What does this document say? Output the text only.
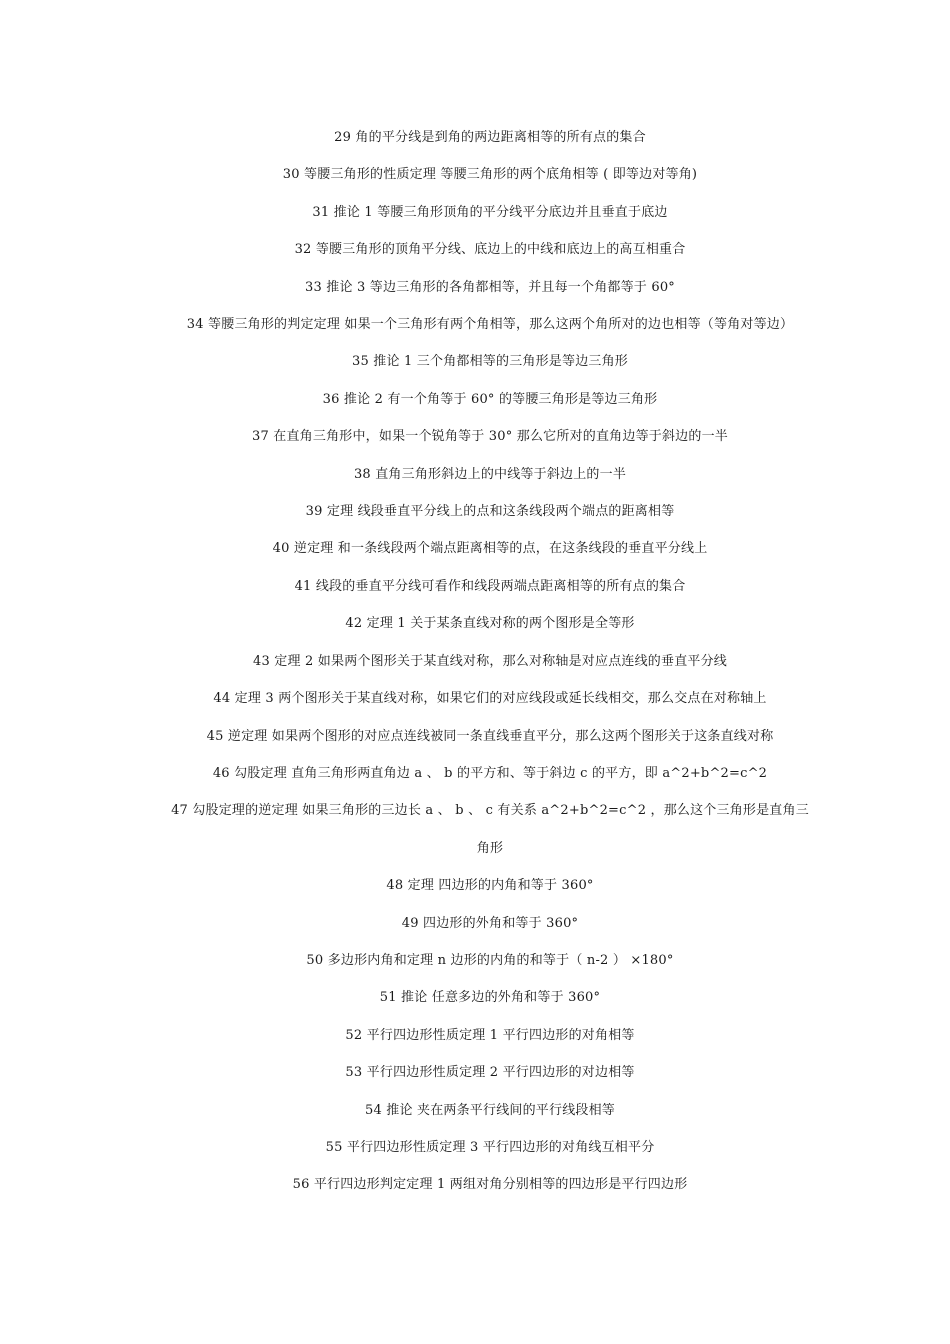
29 角的平分线是到角的两边距离相等的所有点的集合

30 等腰三角形的性质定理 等腰三角形的两个底角相等 ( 即等边对等角)

31 推论 1 等腰三角形顶角的平分线平分底边并且垂直于底边

32 等腰三角形的顶角平分线、底边上的中线和底边上的高互相重合

33 推论 3 等边三角形的各角都相等，并且每一个角都等于 60°

34 等腰三角形的判定定理 如果一个三角形有两个角相等，那么这两个角所对的边也相等（等角对等边）

35 推论 1 三个角都相等的三角形是等边三角形

36 推论 2 有一个角等于 60° 的等腰三角形是等边三角形

37 在直角三角形中，如果一个锐角等于 30° 那么它所对的直角边等于斜边的一半

38 直角三角形斜边上的中线等于斜边上的一半

39 定理 线段垂直平分线上的点和这条线段两个端点的距离相等

40 逆定理 和一条线段两个端点距离相等的点，在这条线段的垂直平分线上

41 线段的垂直平分线可看作和线段两端点距离相等的所有点的集合

42 定理 1 关于某条直线对称的两个图形是全等形

43 定理 2 如果两个图形关于某直线对称，那么对称轴是对应点连线的垂直平分线

44 定理 3 两个图形关于某直线对称，如果它们的对应线段或延长线相交，那么交点在对称轴上

45 逆定理 如果两个图形的对应点连线被同一条直线垂直平分，那么这两个图形关于这条直线对称

46 勾股定理 直角三角形两直角边 a 、 b 的平方和、等于斜边 c 的平方，即 a^2+b^2=c^2

47 勾股定理的逆定理 如果三角形的三边长 a 、 b 、 c 有关系 a^2+b^2=c^2 ，那么这个三角形是直角三角形

48 定理 四边形的内角和等于 360°

49 四边形的外角和等于 360°

50 多边形内角和定理 n 边形的内角的和等于（ n-2 ） ×180°

51 推论 任意多边的外角和等于 360°

52 平行四边形性质定理 1 平行四边形的对角相等

53 平行四边形性质定理 2 平行四边形的对边相等

54 推论 夹在两条平行线间的平行线段相等

55 平行四边形性质定理 3 平行四边形的对角线互相平分

56 平行四边形判定定理 1 两组对角分别相等的四边形是平行四边形
